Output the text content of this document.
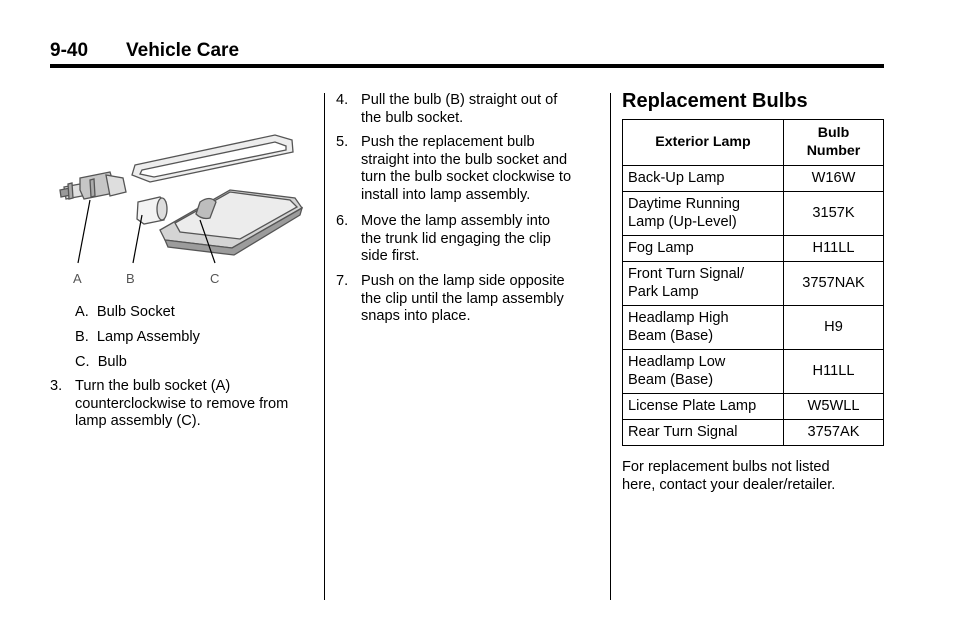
9-40 Vehicle Care
A	B	C
A. Bulb Socket
B. Lamp Assembly
C. Bulb
3. Turn the bulb socket (A)
counterclockwise to remove from
lamp assembly (C).
4. Pull the bulb (B) straight out of
the bulb socket.
5. Push the replacement bulb
straight into the bulb socket and
turn the bulb socket clockwise to
install into lamp assembly.
6. Move the lamp assembly into
the trunk lid engaging the clip
side first.
7. Push on the lamp side opposite
the clip until the lamp assembly
snaps into place.
Replacement Bulbs
Exterior Lamp	Bulb
Number

Back-Up Lamp	W16W

Daytime Running
Lamp (Up-Level)	3157K
Fog Lamp	H11LL

Front Turn Signal/
Park Lamp	3757NAK

Headlamp High
Beam (Base)	H9

Headlamp Low
Beam (Base)	H11LL
License Plate Lamp	W5WLL
Rear Turn Signal	3757AK
For replacement bulbs not listed
here, contact your dealer/retailer.
